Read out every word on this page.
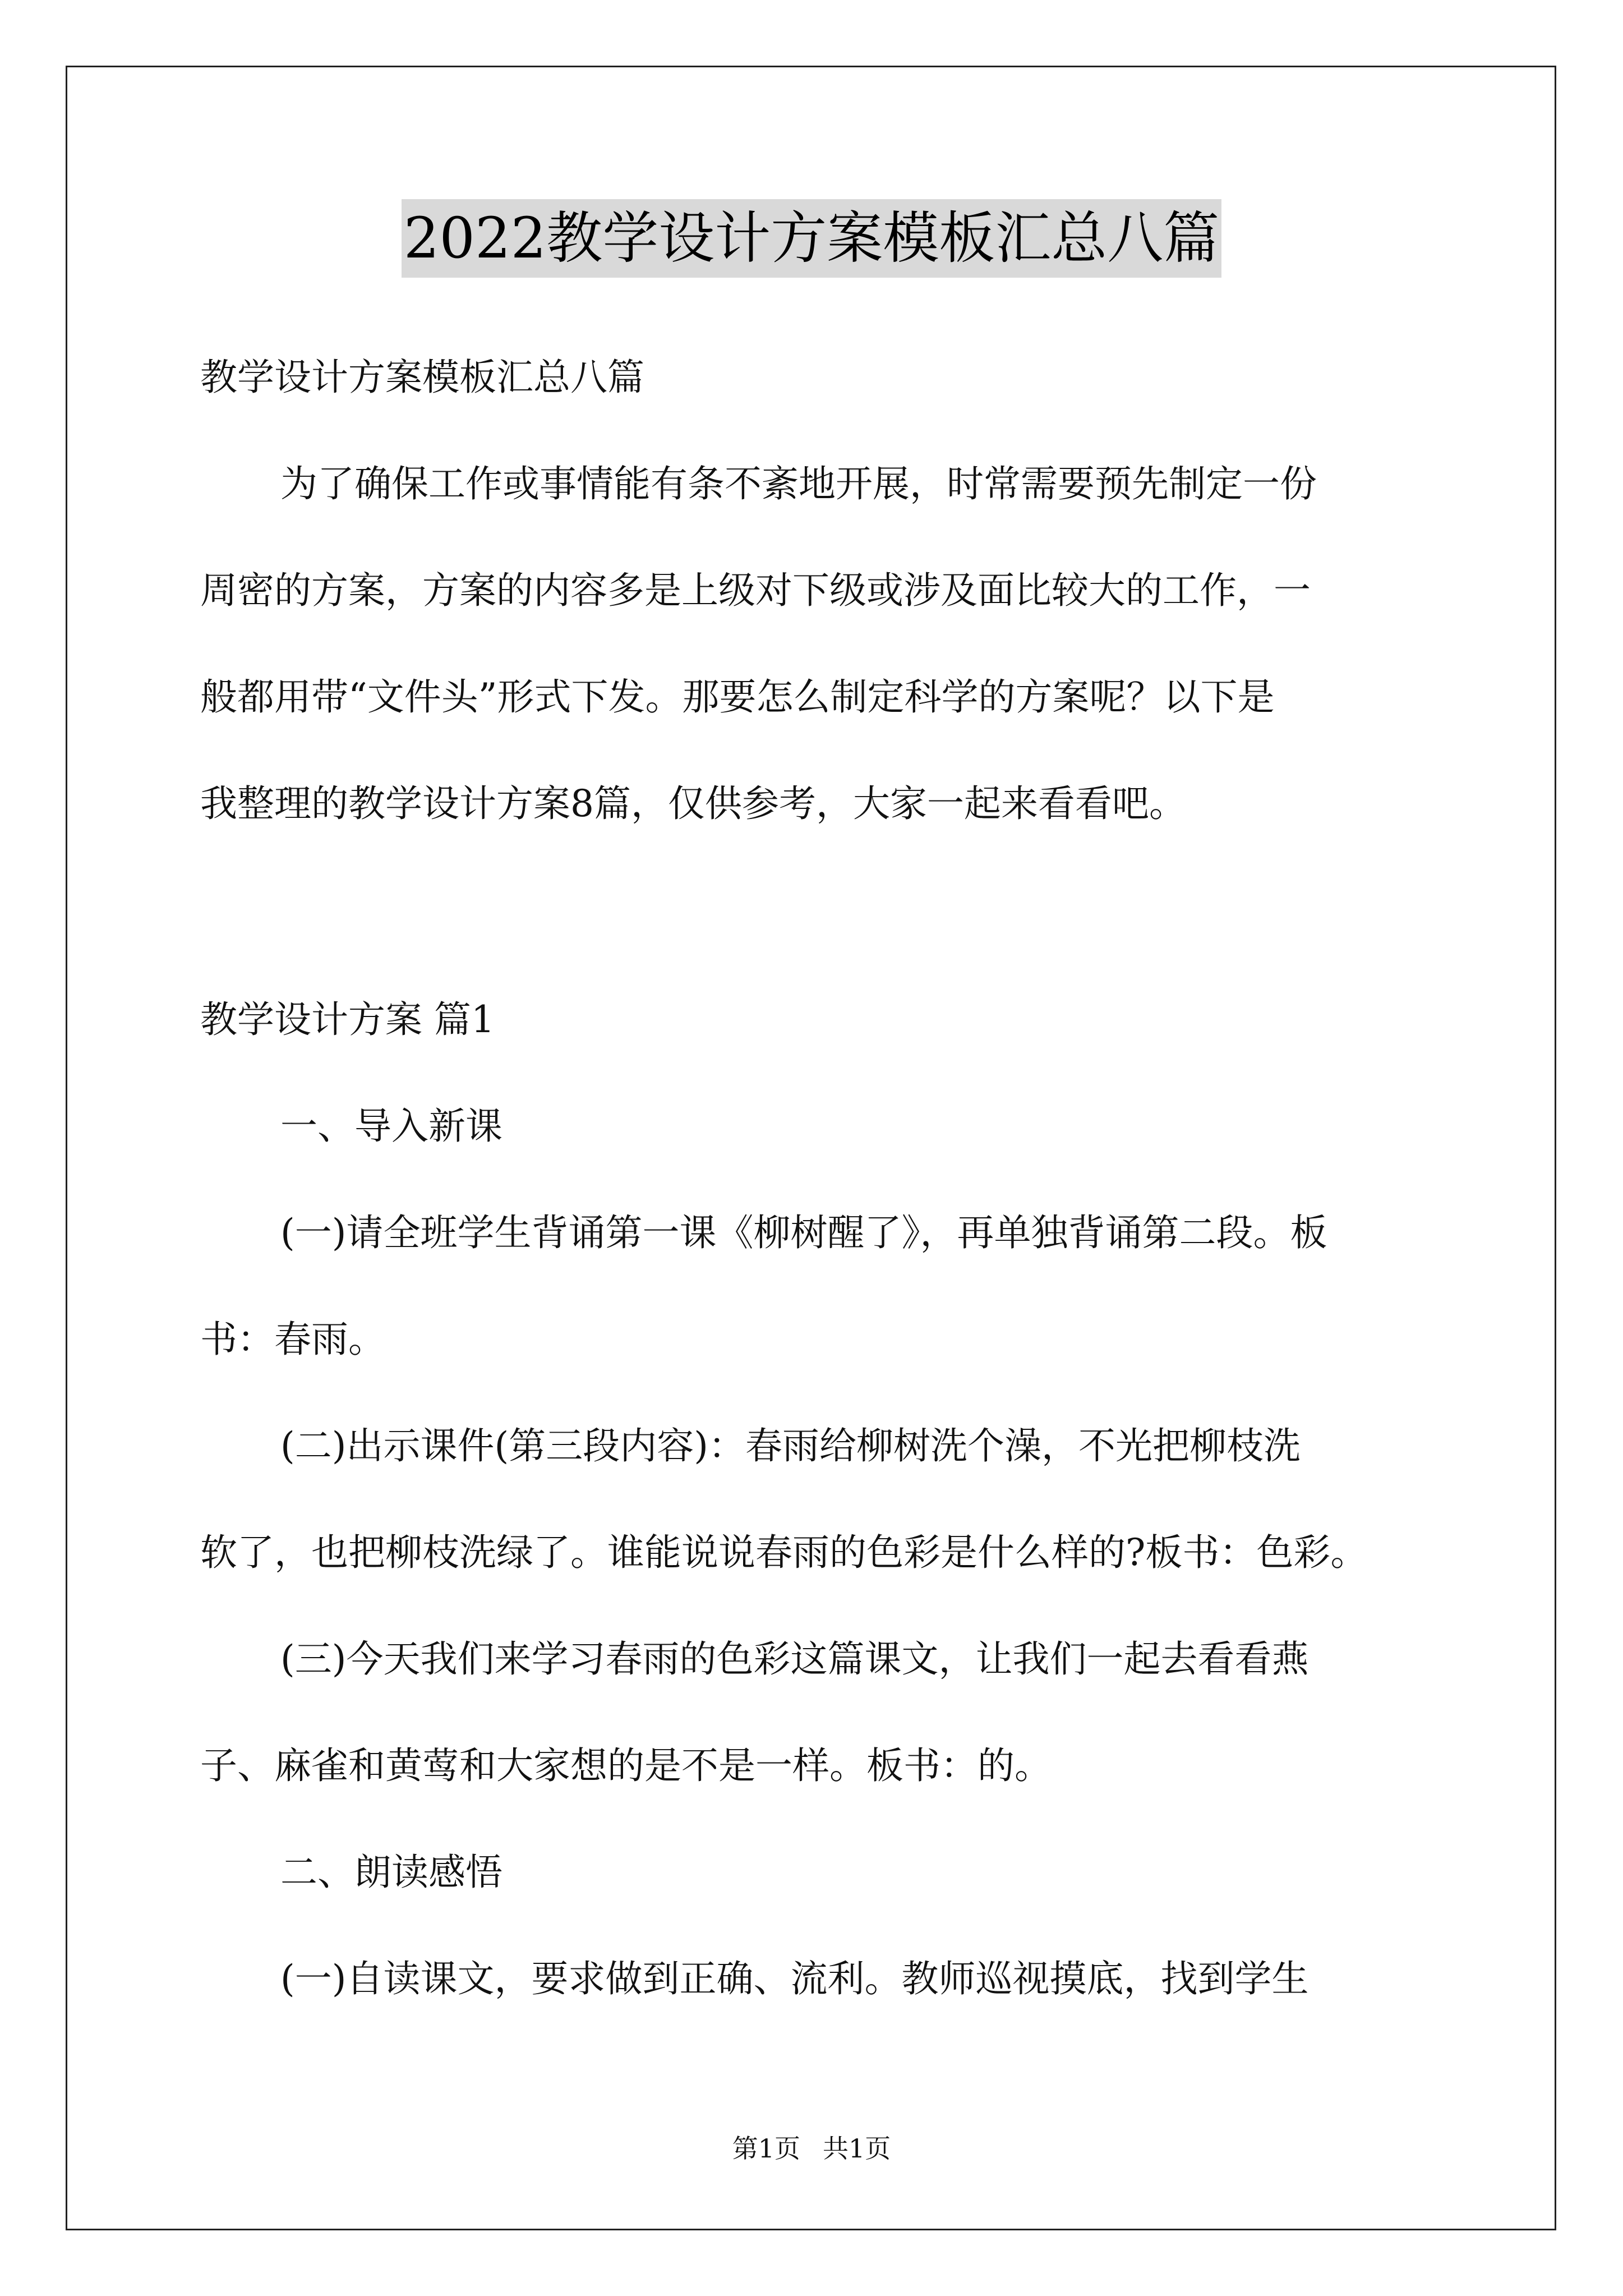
2022教学设计方案模板汇总八篇
教学设计方案模板汇总八篇
为了确保工作或事情能有条不紊地开展，时常需要预先制定一份
周密的方案，方案的内容多是上级对下级或涉及面比较大的工作，一
般都用带“文件头”形式下发。那要怎么制定科学的方案呢？以下是
我整理的教学设计方案8篇，仅供参考，大家一起来看看吧。
教学设计方案 篇1
一、导入新课
(一)请全班学生背诵第一课《柳树醒了》，再单独背诵第二段。板
书：春雨。
(二)出示课件(第三段内容)：春雨给柳树洗个澡，不光把柳枝洗
软了，也把柳枝洗绿了。谁能说说春雨的色彩是什么样的?板书：色彩。
(三)今天我们来学习春雨的色彩这篇课文，让我们一起去看看燕
子、麻雀和黄莺和大家想的是不是一样。板书：的。
二、朗读感悟
(一)自读课文，要求做到正确、流利。教师巡视摸底，找到学生
第1页 共1页
